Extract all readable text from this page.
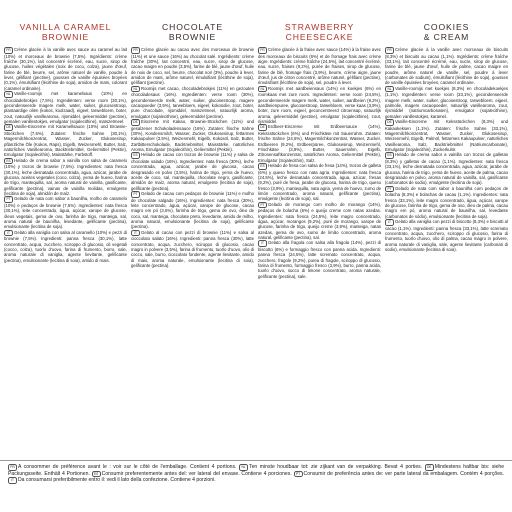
VANILLA CARAMEL
BROWNIE

FR Crème glacée à la vanille avec sauce au caramel au lait (10%) et morceaux de brownie (7,5%). Ingrédients: crème fraîche (30,1%), lait concentré écrémé, eau, sucre, sirop de glucose, huiles végétales (noix de coco, colza), jaune d'œuf, farine de blé, beurre, sel, arôme naturel de vanille, poudre à lever, gélifiant (pectine), gousses de vanille épuisées broyées (0,1%), émulsifiant (lécithine de soja), amidon de maïs, colorant (caramel ordinaire).

NL Vanille-roomijs met karamelsaus (10%) en chocoladebrokjes (7,5%). Ingrediënten: verse room (30,1%), gecondenseerde magere melk, water, suiker, glucosestroop, plantaardige oliën (kokos, koolzaad), eigeel, tarwebloem, boter, zout, natuurlijk vanillearoma, rijsmiddel, geleermiddel (pectine), gemalen vanillestokjes, emulgator (sojalecithine), maïszetmeel.

DE Vanille-Eiscreme mit Karamellsauce (10%) und Brownie-Stückchen (7,5%). Zutaten: frische Sahne (30,1%), Magermilchkonzentrat, Wasser, Zucker, Glukosesirup, pflanzliche Öle (Kokos, Raps), Eigelb, Weizenmehl, Butter, Salz, natürliches Vanillearoma, Backtriebmittel, Geliermittel (Pektin), Emulgator (Sojalecithin), Maisstärke, Farbstoff.

ES Helado de crema sabor a vainilla con salsa de caramelo (10%) y trozos de brownie (7,5%). Ingredientes: nata fresca (30,1%), leche desnatada concentrada, agua, azúcar, jarabe de glucosa, aceites vegetales (coco, colza), yema de huevo, harina de trigo, mantequilla, sal, aroma natural de vainilla, gasificante, gelificante (pectina), vainas de vainilla molidas, emulgente (lecitina de soja), almidón de maíz.

PT Gelado de nata com sabor a baunilha, molho de caramelo (10%) e pedaços de brownie (7,5%). Ingredientes: nata fresca (30,1%), leite concentrado, água, açúcar, xarope de glucose, óleos vegetais, gema de ovo, farinha de trigo, manteiga, sal, aroma natural de baunilha, levedante, gelificante (pectina), emulsionante (lecitina de soja).

IT Gelato alla vaniglia con salsa al caramello (10%) e pezzi di brownie (7,5%). Ingredienti: panna fresca (30,1%), latte concentrato, acqua, zucchero, sciroppo di glucosio, oli vegetali (cocco, colza), tuorlo d'uovo, farina di frumento, burro, sale, aroma naturale di vaniglia, agente lievitante, gelificante (pectina), emulsionante (lecitina di soia), amido di mais.

CHOCOLATE
BROWNIE

FR Crème glacée au cacao avec des morceaux de brownie (11%) et une sauce (16%) au chocolat salé. Ingrédients: crème fraîche (30%), lait concentré, eau, sucre, sirop de glucose, cacao maigre en poudre (3,5%), farine de blé, jaune d'œuf, huile de noix de coco, sel, beurre, chocolat noir (3%), poudre à lever, amidon de maïs, arôme naturel, émulsifiant (lécithine de soja), gélifiant (pectine).

NL Roomijs met cacao, chocoladebrokjes (11%) en gezouten chocoladesaus (16%). Ingrediënten: verse room (30%), gecondenseerde melk, water, suiker, glucosestroop, magere cacaopoeder (3,5%), tarwebloem, eigeel, kokosolie, zout, boter, pure chocolade, rijsmiddel, maïszetmeel, natuurlijk aroma, emulgator (sojalecithine), geleermiddel (pectine).

DE Eiscreme mit Kakao, Brownie-Stückchen (11%) und gesalzener Schokoladensauce (16%). Zutaten: frische Sahne (30%), Kondensmilch, Wasser, Zucker, Glukosesirup, fettarmes Kakaopulver (3,5%), Weizenmehl, Eigelb, Kokosöl, Salz, Butter, Zartbitterschokolade, Backtriebmittel, Maisstärke, natürliches Aroma, Emulgator (Sojalecithin), Geliermittel (Pektin).

ES Helado de cacao con trozos de brownie (11%) y salsa de chocolate salado (16%). Ingredientes: nata fresca (30%), leche concentrada, agua, azúcar, jarabe de glucosa, cacao desgrasado en polvo (3,5%), harina de trigo, yema de huevo, aceite de coco, sal, mantequilla, chocolate negro, gasificante, almidón de maíz, aroma natural, emulgente (lecitina de soja), gelificante (pectina).

PT Gelado de cacau com pedaços de brownie (11%) e molho de chocolate salgado (16%). Ingredientes: nata fresca (30%), leite concentrado, água, açúcar, xarope de glucose, cacau magro em pó (3,5%), farinha de trigo, gema de ovo, óleo de coco, sal, manteiga, chocolate preto, levedante, amido de milho, aroma natural, emulsionante (lecitina de soja), gelificante (pectina).

IT Gelato al cacao con pezzi di brownie (11%) e salsa al cioccolato salato (16%). Ingredienti: panna fresca (30%), latte concentrato, acqua, zucchero, sciroppo di glucosio, cacao magro in polvere (3,5%), farina di frumento, tuorlo d'uovo, olio di cocco, sale, burro, cioccolato fondente, agente lievitante, amido di mais, aroma naturale, emulsionante (lecitina di soia), gelificante (pectina).

STRAWBERRY
CHEESECAKE

FR Crème glacée à la fraise avec sauce (14%) à la fraise avec des morceaux de biscuits (6%) et de fromage frais avec crème aigre. Ingrédients: crème fraîche (24,5%), lait concentré écrémé, eau, sucre, fraises (9,2%), purée de fraises, sirop de glucose, farine de blé, fromage frais (3,9%), beurre, crème aigre, jaune d'œuf, jus de citron concentré, arôme naturel, gélifiant (pectine), émulsifiant (lécithine de soja), sel, poudre à lever.

NL Roomijs met aardbeiensaus (14%) en koekjes (6%) en roomkaas met zure room. Ingrediënten: verse room (24,5%), gecondenseerde magere melk, water, suiker, aardbeien (9,2%), aardbeienpuree, glucosestroop, tarwebloem, verse kaas (3,9%), boter, zure room, eigeel, geconcentreerd citroensap, natuurlijk aroma, geleermiddel (pectine), emulgator (sojalecithine), zout, rijsmiddel.

DE Erdbeer-Eiscreme mit Erdbeersauce (14%), Kekssstückchen (6%) und Frischkäse mit Sauerrahm. Zutaten: frische Sahne (24,5%), Magermilchkonzentrat, Wasser, Zucker, Erdbeeren (9,2%), Erdbeerpüree, Glukosesirup, Weizenmehl, Frischkäse (3,9%), Butter, Sauerrahm, Eigelb, Zitronensaftkonzentrat, natürliches Aroma, Geliermittel (Pektin), Emulgator (Sojalecithin), Salz.

ES Helado de fresa con salsa de fresa (14%), trozos de galleta (6%) y queso fresco con nata agria. Ingredientes: nata fresca (24,5%), leche desnatada concentrada, agua, azúcar, fresas (9,2%), puré de fresa, jarabe de glucosa, harina de trigo, queso fresco (3,9%), mantequilla, nata agria, yema de huevo, zumo de limón concentrado, aroma natural, gelificante (pectina), emulgente (lecitina de soja), sal.

PT Gelado de morango com molho de morango (14%), pedaços de bolacha (6%) e queijo creme com natas azedas. Ingredientes: nata fresca (24,5%), leite magro concentrado, água, açúcar, morangos (9,2%), puré de morango, xarope de glucose, farinha de trigo, queijo creme (3,9%), manteiga, natas azedas, gema de ovo, sumo de limão concentrado, aroma natural, gelificante (pectina), sal.

IT Gelato alla fragola con salsa alla fragola (14%), pezzi di biscotto (6%) e formaggio fresco con panna acida. Ingredienti: panna fresca (24,5%), latte scremato concentrato, acqua, zucchero, fragole (9,2%), purea di fragole, sciroppo di glucosio, farina di frumento, formaggio fresco (3,9%), burro, panna acida, tuorlo d'uovo, succo di limone concentrato, aroma naturale, gelificante (pectina), sale.

COOKIES
& CREAM

FR Crème glacée à la vanille avec morceaux de biscuits (8,3%) et biscuits au cacao (1,1%). Ingrédients: crème fraîche (33,1%), lait concentré écrémé, eau, sucre, sirop de glucose, farine de blé, jaune d'œuf, huile de palme, cacao maigre en poudre, arôme naturel de vanille, sel, poudre à lever (carbonates de sodium), émulsifiant (lécithine de soja), gousses de vanille épuisées broyées, caramel ordinaire.

NL Vanille-roomijs met koekjes (8,3%) en chocoladekoekjes (1,1%). Ingrediënten: verse room (33,1%), gecondenseerde magere melk, water, suiker, glucosestroop, tarwebloem, eigeel, palmolie, magere cacaopoeder, natuurlijk vanillearoma, zout, rijsmiddel (natriumcarbonaten), emulgator (sojalecithine), gemalen vanillestokjes, karamel.

DE Vanille-Eiscreme mit Keksstückchen (8,3%) und Kakaokeksen (1,1%). Zutaten: frische Sahne (33,1%), Magermilchkonzentrat, Wasser, Zucker, Glukosesirup, Weizenmehl, Eigelb, Palmöl, fettarmes Kakaopulver, natürliches Vanillearoma, Salz, Backtriebmittel (Natriumcarbonate), Emulgator (Sojalecithin), Zuckerkulör.

ES Helado de crema sabor a vainilla con trozos de galletas (8,3%) y galletas de cacao (1,1%). Ingredientes: nata fresca (33,1%), leche desnatada concentrada, agua, azúcar, jarabe de glucosa, harina de trigo, yema de huevo, aceite de palma, cacao desgrasado en polvo, aroma natural de vainilla, sal, gasificante (carbonatos de sodio), emulgente (lecitina de soja).

PT Gelado de nata com sabor a baunilha com pedaços de bolacha (8,3%) e bolachas de cacau (1,1%). Ingredientes: nata fresca (33,1%), leite magro concentrado, água, açúcar, xarope de glucose, farinha de trigo, gema de ovo, óleo de palma, cacau magro em pó, aroma natural de baunilha, sal, levedante (carbonatos de sódio), emulsionante (lecitina de soja).

IT Gelato alla vaniglia con pezzi di biscotto (8,3%) e biscotti al cacao (1,1%). Ingredienti: panna fresca (33,1%), latte scremato concentrato, acqua, zucchero, sciroppo di glucosio, farina di frumento, tuorlo d'uovo, olio di palma, cacao magro in polvere, aroma naturale di vaniglia, sale, agente lievitante (carbonati di sodio), emulsionante (lecitina di soia).

FR A consommer de préférence avant le : voir sur le côté de l'emballage. Contient 4 portions. NL Ten minste houdbaar tot: zie zijkant van de verpakking. Bevat 4 porties. DE Mindestens haltbar bis: siehe Packungsseite. Enthält 4 Portionen. ES Consumir preferentemente antes del: ver lateral del envase. Contiene 4 porciones. PT Consumir de preferência antes de: ver parte lateral da embalagem. Contém 4 porções. IT Da consumarsi preferibilmente entro il: vedi il lato della confezione. Contiene 4 porzioni.
